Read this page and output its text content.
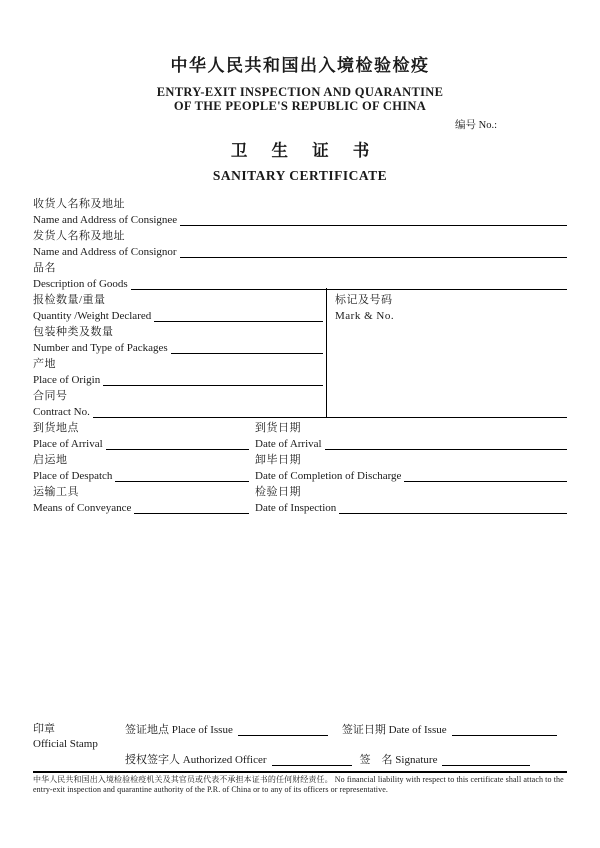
中华人民共和国出入境检验检疫
ENTRY-EXIT INSPECTION AND QUARANTINE
OF THE PEOPLE'S REPUBLIC OF CHINA
编号 No.:
卫 生 证 书
SANITARY CERTIFICATE
收货人名称及地址
Name and Address of Consignee
发货人名称及地址
Name and Address of Consignor
品名
Description of Goods
标记及号码
Mark & No.
报检数量/重量
Quantity /Weight Declared
包装种类及数量
Number and Type of Packages
产地
Place of Origin
合同号
Contract No.
到货地点	到货日期
Place of Arrival	Date of Arrival
启运地	卸毕日期
Place of Despatch	Date of Completion of Discharge
运输工具	检验日期
Means of Conveyance	Date of Inspection
印章
Official Stamp
签证地点 Place of Issue	签证日期 Date of Issue
授权签字人 Authorized Officer	签　名 Signature
中华人民共和国出入境检验检疫机关及其官员或代表不承担本证书的任何财经责任。 No financial liability with respect to this certificate shall attach to the entry-exit inspection and quarantine authority of the P.R. of China or to any of its officers or representative.
